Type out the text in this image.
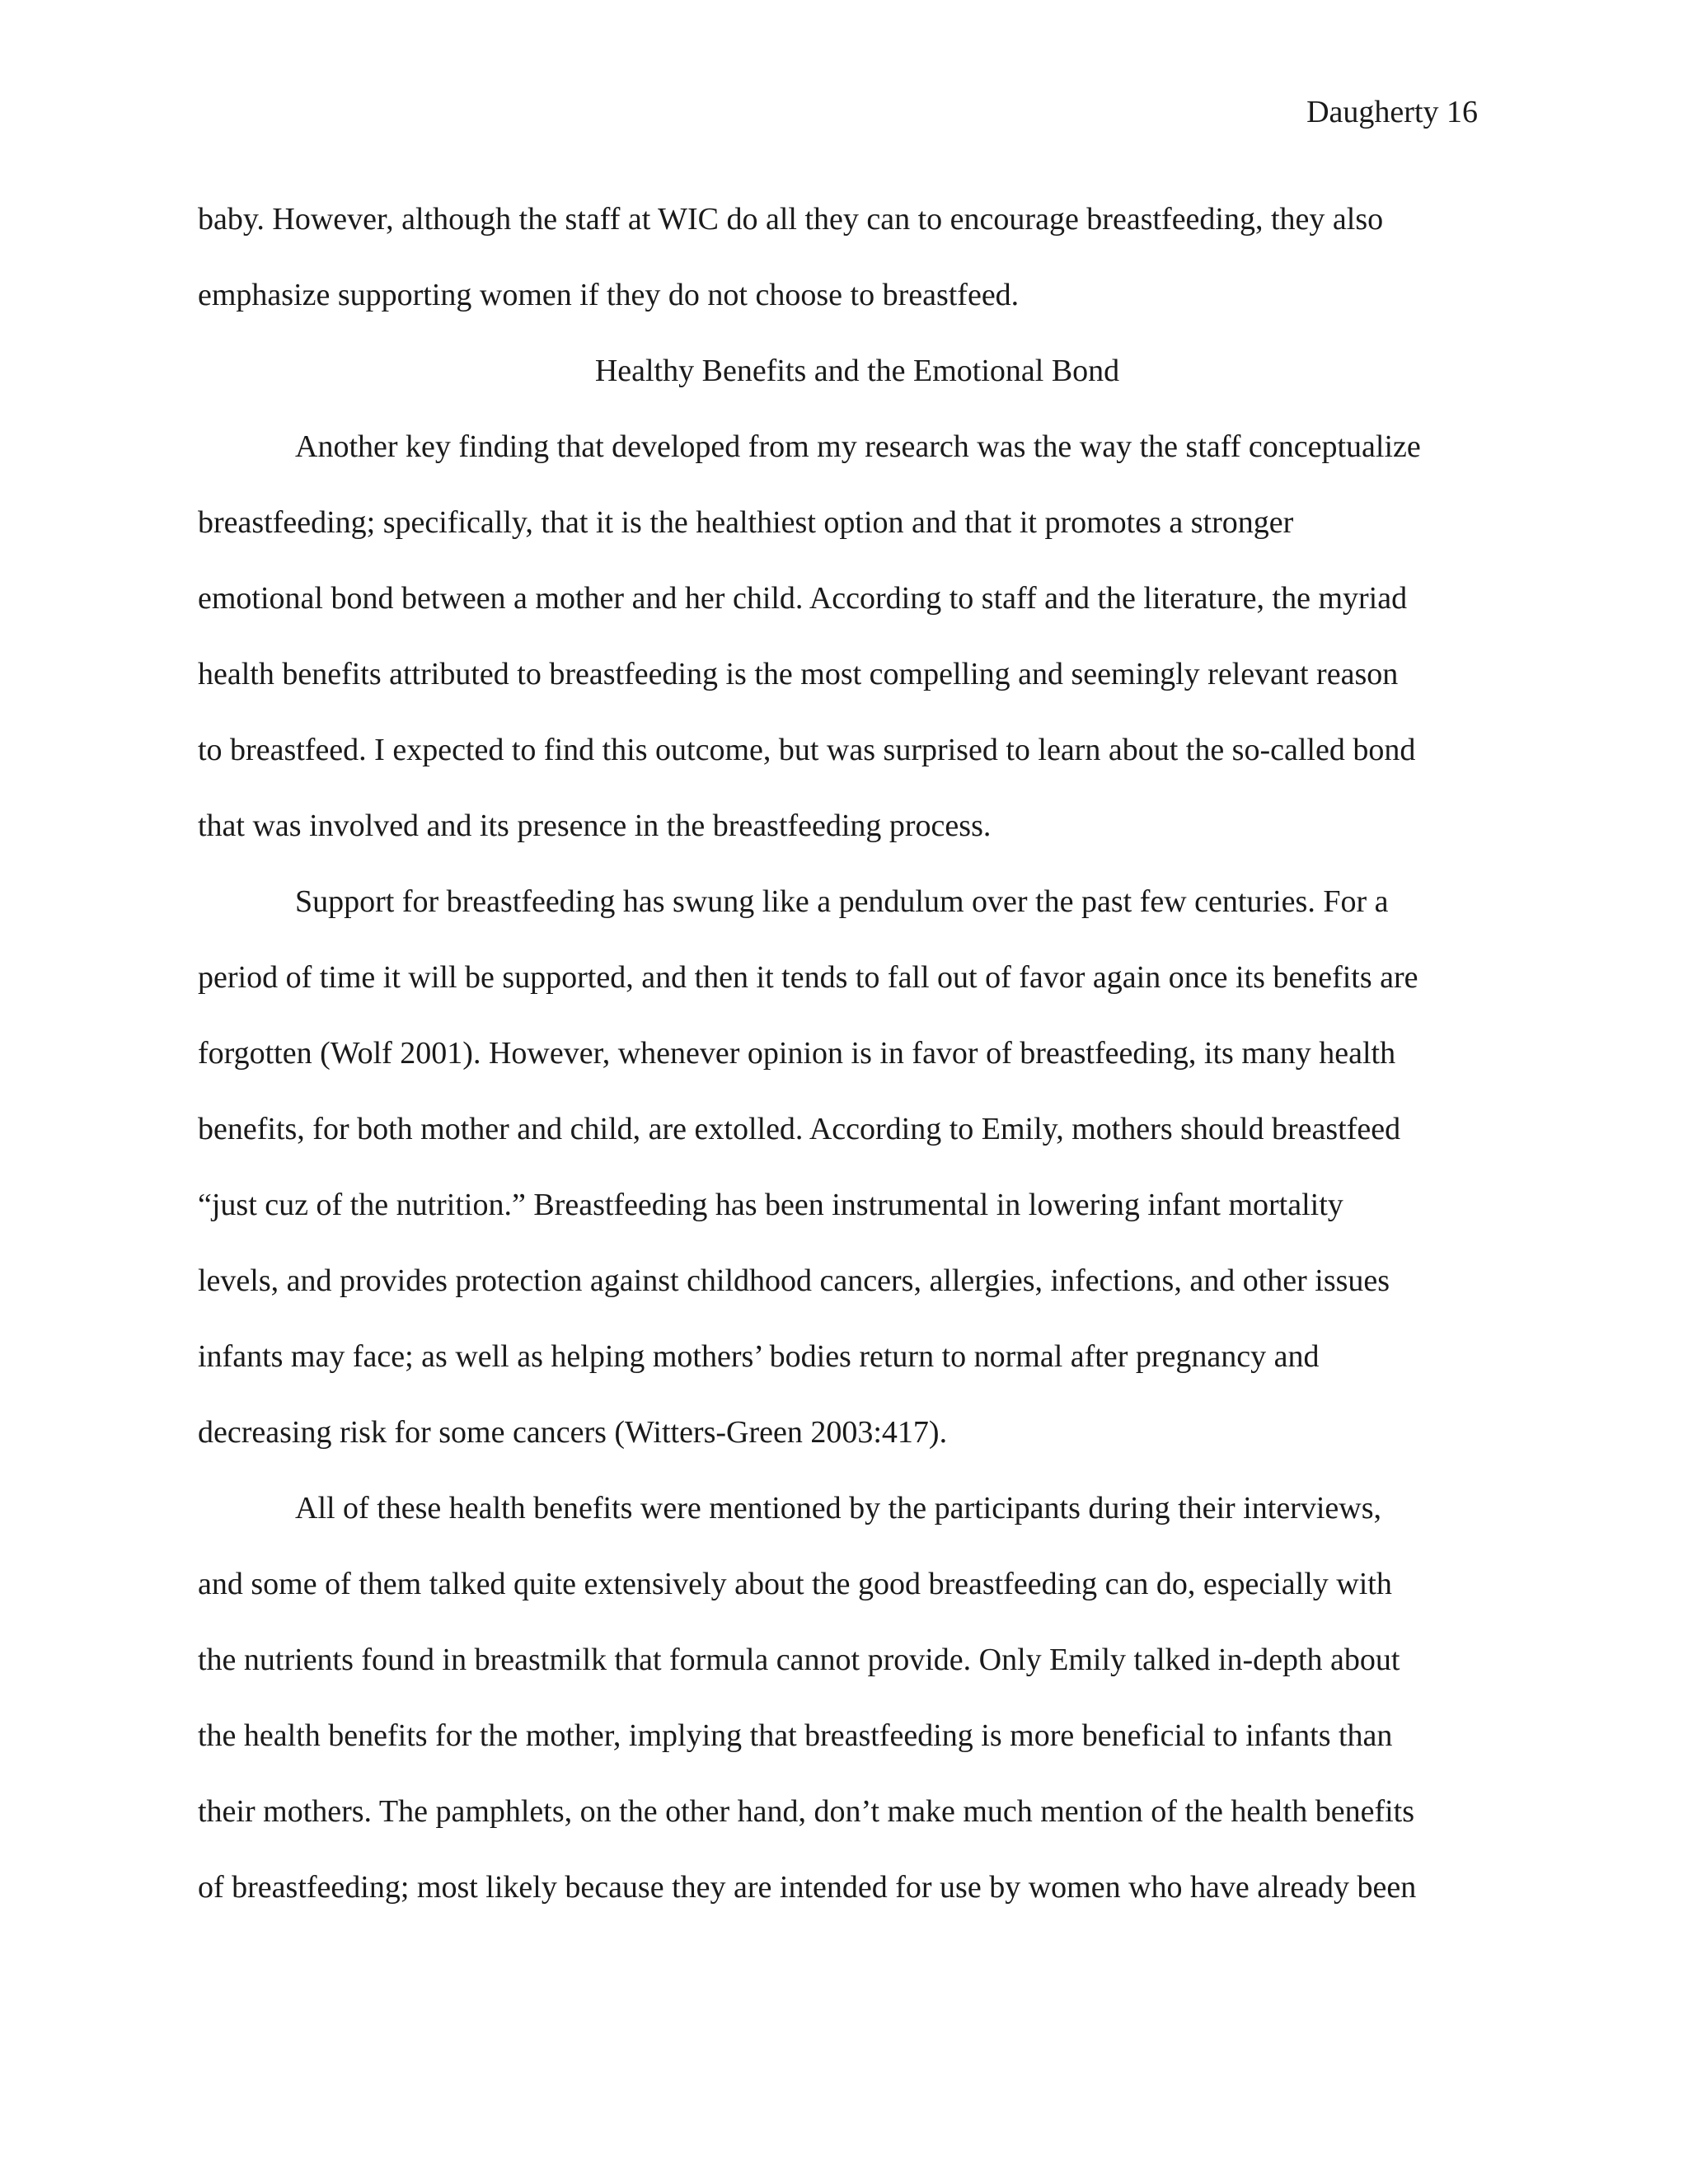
Daugherty 16
baby. However, although the staff at WIC do all they can to encourage breastfeeding, they also
emphasize supporting women if they do not choose to breastfeed.
Healthy Benefits and the Emotional Bond
Another key finding that developed from my research was the way the staff conceptualize
breastfeeding; specifically, that it is the healthiest option and that it promotes a stronger
emotional bond between a mother and her child. According to staff and the literature, the myriad
health benefits attributed to breastfeeding is the most compelling and seemingly relevant reason
to breastfeed. I expected to find this outcome, but was surprised to learn about the so-called bond
that was involved and its presence in the breastfeeding process.
Support for breastfeeding has swung like a pendulum over the past few centuries. For a
period of time it will be supported, and then it tends to fall out of favor again once its benefits are
forgotten (Wolf 2001). However, whenever opinion is in favor of breastfeeding, its many health
benefits, for both mother and child, are extolled. According to Emily, mothers should breastfeed
“just cuz of the nutrition.” Breastfeeding has been instrumental in lowering infant mortality
levels, and provides protection against childhood cancers, allergies, infections, and other issues
infants may face; as well as helping mothers’ bodies return to normal after pregnancy and
decreasing risk for some cancers (Witters-Green 2003:417).
All of these health benefits were mentioned by the participants during their interviews,
and some of them talked quite extensively about the good breastfeeding can do, especially with
the nutrients found in breastmilk that formula cannot provide. Only Emily talked in-depth about
the health benefits for the mother, implying that breastfeeding is more beneficial to infants than
their mothers. The pamphlets, on the other hand, don’t make much mention of the health benefits
of breastfeeding; most likely because they are intended for use by women who have already been
